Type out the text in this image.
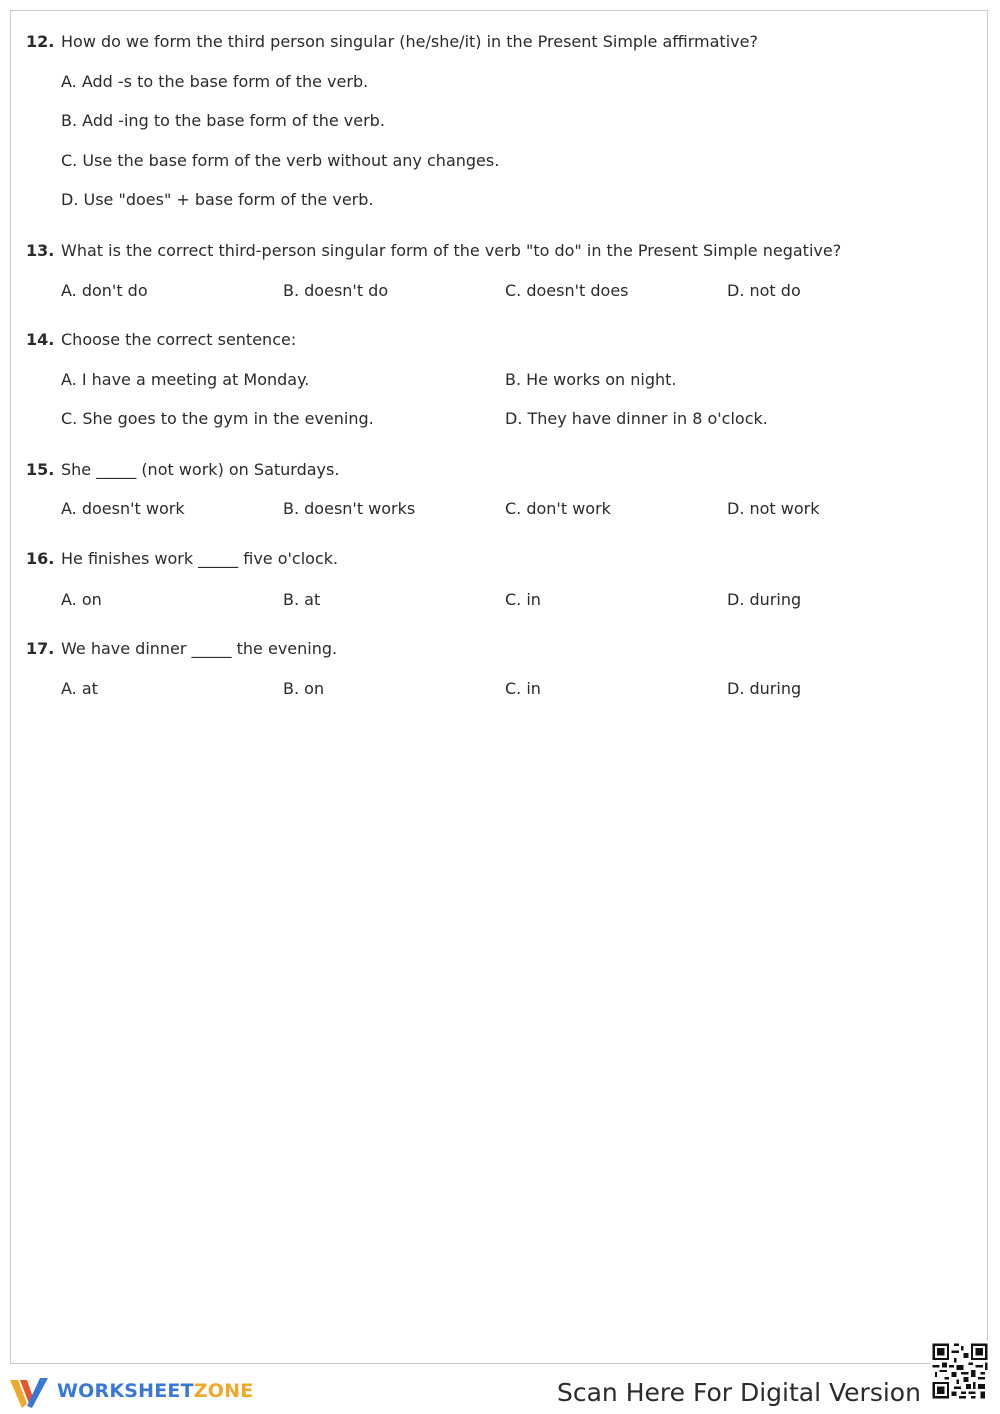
12. How do we form the third person singular (he/she/it) in the Present Simple affirmative?
A. Add -s to the base form of the verb.
B. Add -ing to the base form of the verb.
C. Use the base form of the verb without any changes.
D. Use "does" + base form of the verb.
13. What is the correct third-person singular form of the verb "to do" in the Present Simple negative?
A. don't do	B. doesn't do	C. doesn't does	D. not do
14. Choose the correct sentence:
A. I have a meeting at Monday.	B. He works on night.
C. She goes to the gym in the evening.	D. They have dinner in 8 o'clock.
15. She _____ (not work) on Saturdays.
A. doesn't work	B. doesn't works	C. don't work	D. not work
16. He finishes work _____ five o'clock.
A. on	B. at	C. in	D. during
17. We have dinner _____ the evening.
A. at	B. on	C. in	D. during
WORKSHEETZONE	Scan Here For Digital Version
